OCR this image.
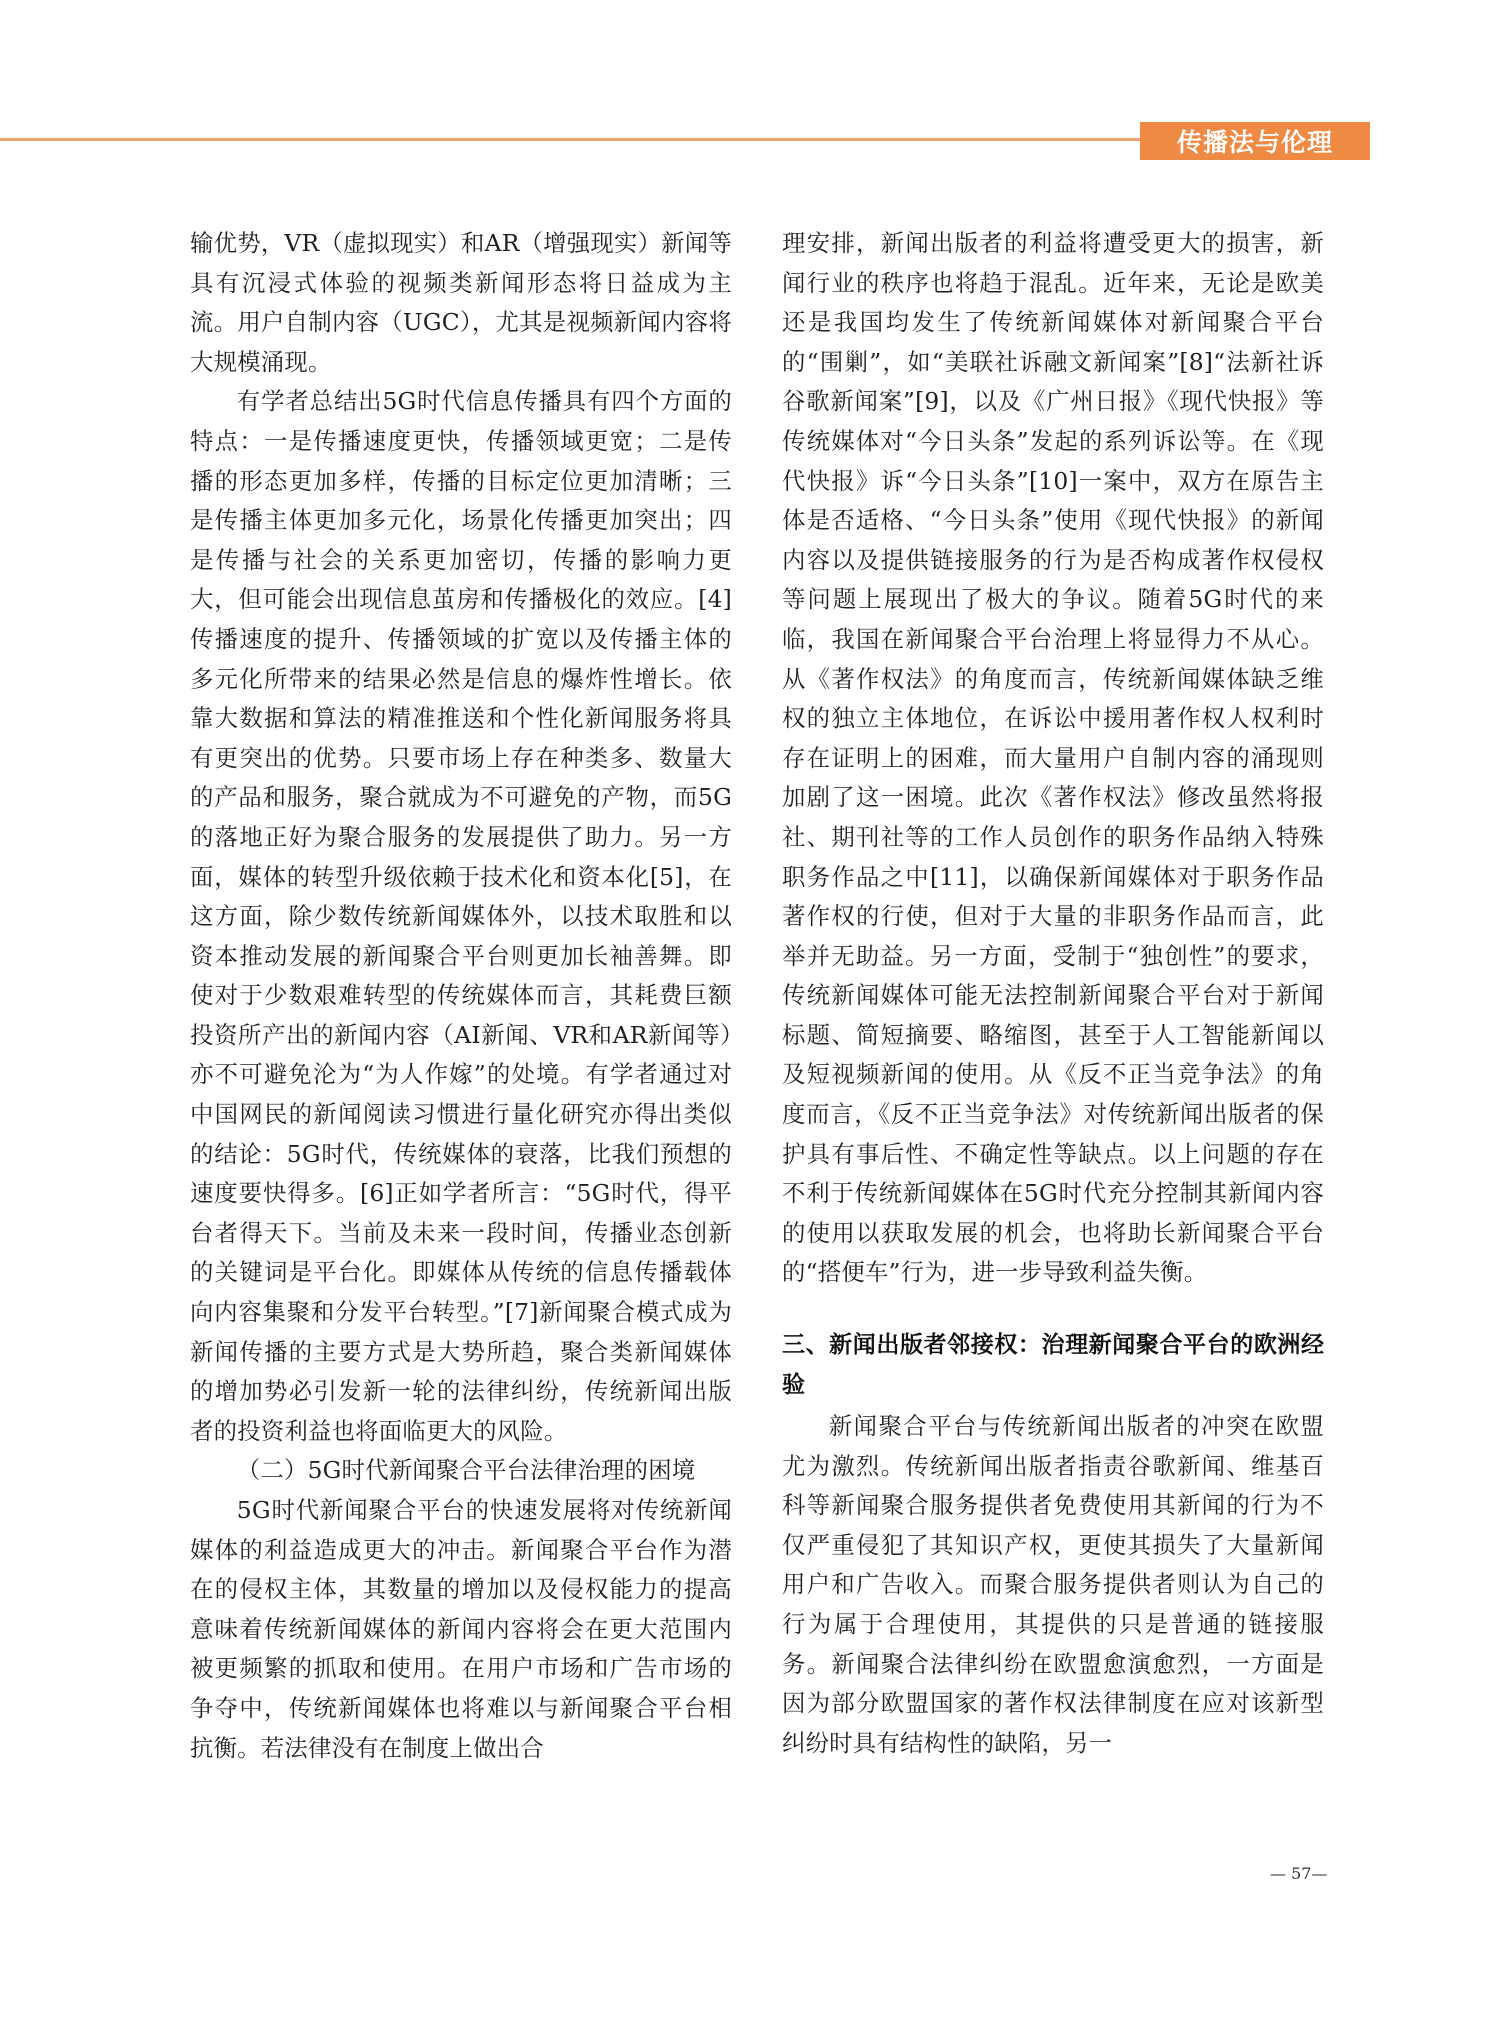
传播法与伦理

输优势，VR（虚拟现实）和AR（增强现实）新闻等具有沉浸式体验的视频类新闻形态将日益成为主流。用户自制内容（UGC），尤其是视频新闻内容将大规模涌现。

有学者总结出5G时代信息传播具有四个方面的特点：一是传播速度更快，传播领域更宽；二是传播的形态更加多样，传播的目标定位更加清晰；三是传播主体更加多元化，场景化传播更加突出；四是传播与社会的关系更加密切，传播的影响力更大，但可能会出现信息茧房和传播极化的效应。[4]传播速度的提升、传播领域的扩宽以及传播主体的多元化所带来的结果必然是信息的爆炸性增长。依靠大数据和算法的精准推送和个性化新闻服务将具有更突出的优势。只要市场上存在种类多、数量大的产品和服务，聚合就成为不可避免的产物，而5G的落地正好为聚合服务的发展提供了助力。另一方面，媒体的转型升级依赖于技术化和资本化[5]，在这方面，除少数传统新闻媒体外，以技术取胜和以资本推动发展的新闻聚合平台则更加长袖善舞。即使对于少数艰难转型的传统媒体而言，其耗费巨额投资所产出的新闻内容（AI新闻、VR和AR新闻等）亦不可避免沦为“为人作嫁”的处境。有学者通过对中国网民的新闻阅读习惯进行量化研究亦得出类似的结论：5G时代，传统媒体的衰落，比我们预想的速度要快得多。[6]正如学者所言：“5G时代，得平台者得天下。当前及未来一段时间，传播业态创新的关键词是平台化。即媒体从传统的信息传播载体向内容集聚和分发平台转型。”[7]新闻聚合模式成为新闻传播的主要方式是大势所趋，聚合类新闻媒体的增加势必引发新一轮的法律纠纷，传统新闻出版者的投资利益也将面临更大的风险。

（二）5G时代新闻聚合平台法律治理的困境

5G时代新闻聚合平台的快速发展将对传统新闻媒体的利益造成更大的冲击。新闻聚合平台作为潜在的侵权主体，其数量的增加以及侵权能力的提高意味着传统新闻媒体的新闻内容将会在更大范围内被更频繁的抓取和使用。在用户市场和广告市场的争夺中，传统新闻媒体也将难以与新闻聚合平台相抗衡。若法律没有在制度上做出合

理安排，新闻出版者的利益将遭受更大的损害，新闻行业的秩序也将趋于混乱。近年来，无论是欧美还是我国均发生了传统新闻媒体对新闻聚合平台的“围剿”，如“美联社诉融文新闻案”[8]“法新社诉谷歌新闻案”[9]，以及《广州日报》《现代快报》等传统媒体对“今日头条”发起的系列诉讼等。在《现代快报》诉“今日头条”[10]一案中，双方在原告主体是否适格、“今日头条”使用《现代快报》的新闻内容以及提供链接服务的行为是否构成著作权侵权等问题上展现出了极大的争议。随着5G时代的来临，我国在新闻聚合平台治理上将显得力不从心。从《著作权法》的角度而言，传统新闻媒体缺乏维权的独立主体地位，在诉讼中援用著作权人权利时存在证明上的困难，而大量用户自制内容的涌现则加剧了这一困境。此次《著作权法》修改虽然将报社、期刊社等的工作人员创作的职务作品纳入特殊职务作品之中[11]，以确保新闻媒体对于职务作品著作权的行使，但对于大量的非职务作品而言，此举并无助益。另一方面，受制于“独创性”的要求，传统新闻媒体可能无法控制新闻聚合平台对于新闻标题、简短摘要、略缩图，甚至于人工智能新闻以及短视频新闻的使用。从《反不正当竞争法》的角度而言，《反不正当竞争法》对传统新闻出版者的保护具有事后性、不确定性等缺点。以上问题的存在不利于传统新闻媒体在5G时代充分控制其新闻内容的使用以获取发展的机会，也将助长新闻聚合平台的“搭便车”行为，进一步导致利益失衡。

三、新闻出版者邻接权：治理新闻聚合平台的欧洲经验

新闻聚合平台与传统新闻出版者的冲突在欧盟尤为激烈。传统新闻出版者指责谷歌新闻、维基百科等新闻聚合服务提供者免费使用其新闻的行为不仅严重侵犯了其知识产权，更使其损失了大量新闻用户和广告收入。而聚合服务提供者则认为自己的行为属于合理使用，其提供的只是普通的链接服务。新闻聚合法律纠纷在欧盟愈演愈烈，一方面是因为部分欧盟国家的著作权法律制度在应对该新型纠纷时具有结构性的缺陷，另一

— 57—
